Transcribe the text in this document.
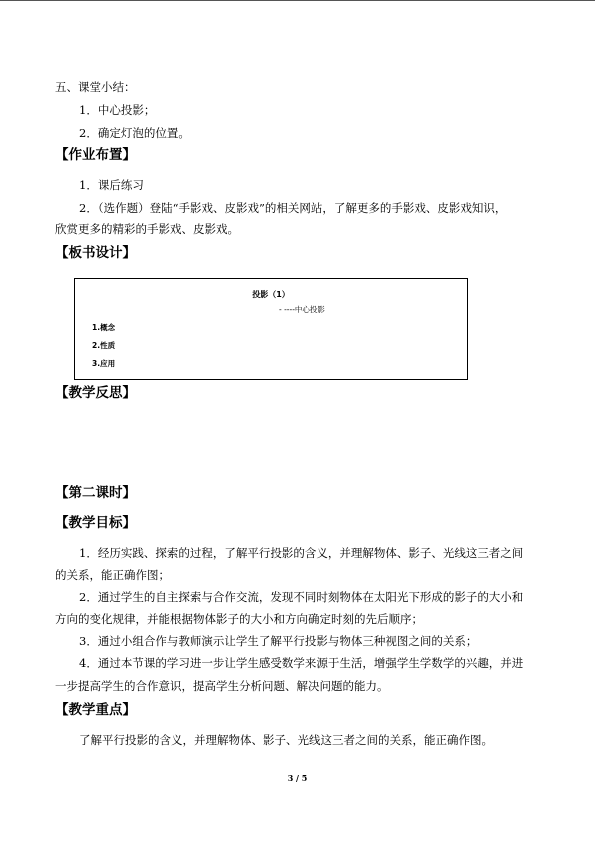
五、课堂小结：
1．中心投影；
2．确定灯泡的位置。
【作业布置】
1．课后练习
2．（选作题）登陆“手影戏、皮影戏”的相关网站，了解更多的手影戏、皮影戏知识，
欣赏更多的精彩的手影戏、皮影戏。
【板书设计】
投影（1）
- ----中心投影
1.概念
2.性质
3.应用
【教学反思】
【第二课时】
【教学目标】
1．经历实践、探索的过程，了解平行投影的含义，并理解物体、影子、光线这三者之间
的关系，能正确作图；
2．通过学生的自主探索与合作交流，发现不同时刻物体在太阳光下形成的影子的大小和
方向的变化规律，并能根据物体影子的大小和方向确定时刻的先后顺序；
3．通过小组合作与教师演示让学生了解平行投影与物体三种视图之间的关系；
4．通过本节课的学习进一步让学生感受数学来源于生活，增强学生学数学的兴趣，并进
一步提高学生的合作意识，提高学生分析问题、解决问题的能力。
【教学重点】
了解平行投影的含义，并理解物体、影子、光线这三者之间的关系，能正确作图。
3 / 5
